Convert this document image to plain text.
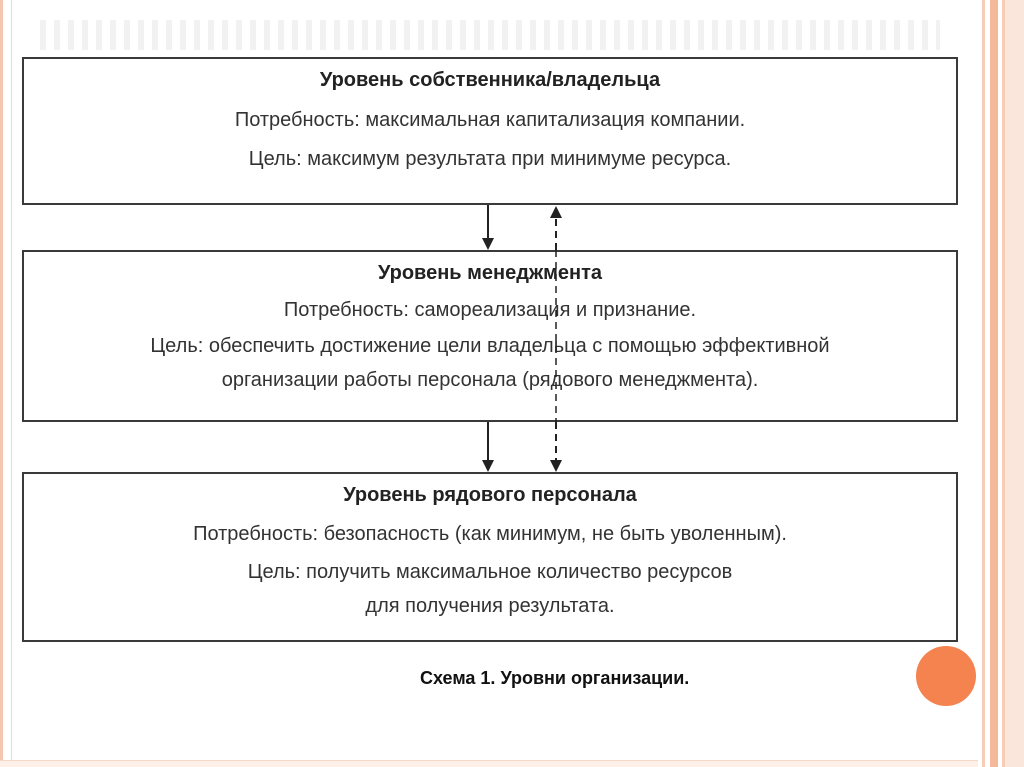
Уровень собственника/владельца
Потребность: максимальная капитализация компании.
Цель: максимум результата при минимуме ресурса.
Уровень менеджмента
Потребность: самореализация и признание.
Цель: обеспечить достижение цели владельца с помощью эффективной
организации работы персонала (рядового менеджмента).
Уровень рядового персонала
Потребность: безопасность (как минимум, не быть уволенным).
Цель: получить максимальное количество ресурсов
для получения результата.
Схема 1. Уровни организации.
